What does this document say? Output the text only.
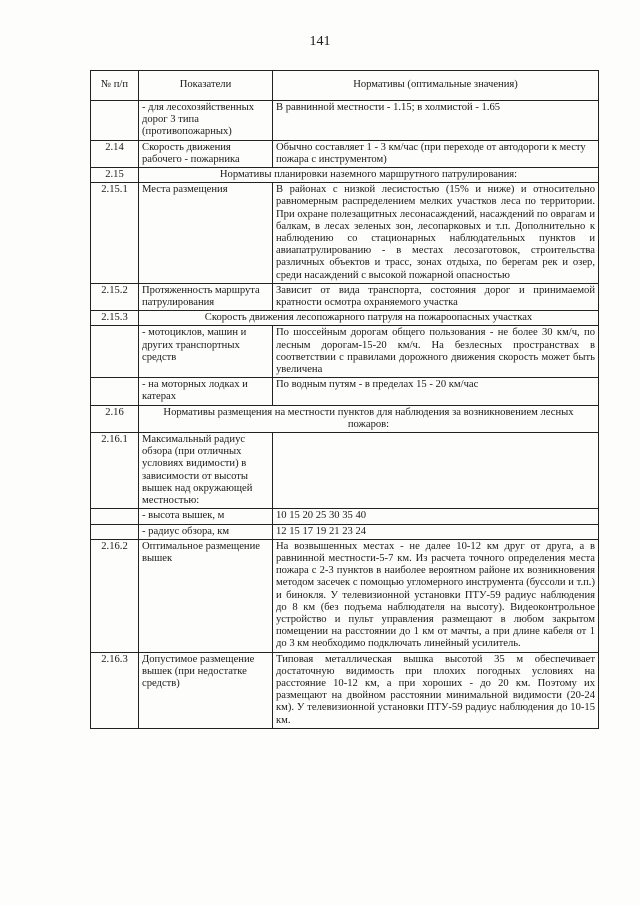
141
№ п/п	Показатели	Нормативы (оптимальные значения)
	- для лесохозяйственных дорог 3 типа (противопожарных)	В равнинной местности - 1.15; в холмистой - 1.65
2.14	Скорость движения рабочего - пожарника	Обычно составляет 1 - 3 км/час (при переходе от автодороги к месту пожара с инструментом)
2.15	Нормативы планировки наземного маршрутного патрулирования:	
2.15.1	Места размещения	В районах с низкой лесистостью (15% и ниже) и относительно равномерным распределением мелких участков леса по территории. При охране полезащитных лесонасаждений, насаждений по оврагам и балкам, в лесах зеленых зон, лесопарковых и т.п. Дополнительно к наблюдению со стационарных наблюдательных пунктов и авиапатрулированию - в местах лесозаготовок, строительства различных объектов и трасс, зонах отдыха, по берегам рек и озер, среди насаждений с высокой пожарной опасностью
2.15.2	Протяженность маршрута патрулирования	Зависит от вида транспорта, состояния дорог и принимаемой кратности осмотра охраняемого участка
2.15.3	Скорость движения лесопожарного патруля на пожароопасных участках	
	- мотоциклов, машин и других транспортных средств	По шоссейным дорогам общего пользования - не более 30 км/ч, по лесным дорогам-15-20 км/ч. На безлесных пространствах в соответствии с правилами дорожного движения скорость может быть увеличена
	- на моторных лодках и катерах	По водным путям - в пределах 15 - 20 км/час
2.16	Нормативы размещения на местности пунктов для наблюдения за возникновением лесных пожаров:	
2.16.1	Максимальный радиус обзора (при отличных условиях видимости) в зависимости от высоты вышек над окружающей местностью:	
	- высота вышек, м	10 15 20 25 30 35 40
	- радиус обзора, км	12 15 17 19 21 23 24
2.16.2	Оптимальное размещение вышек	На возвышенных местах - не далее 10-12 км друг от друга, а в равнинной местности-5-7 км. Из расчета точного определения места пожара с 2-3 пунктов в наиболее вероятном районе их возникновения методом засечек с помощью угломерного инструмента (буссоли и т.п.) и бинокля. У телевизионной установки ПТУ-59 радиус наблюдения до 8 км (без подъема наблюдателя на высоту). Видеоконтрольное устройство и пульт управления размещают в любом закрытом помещении на расстоянии до 1 км от мачты, а при длине кабеля от 1 до 3 км необходимо подключать линейный усилитель.
2.16.3	Допустимое размещение вышек (при недостатке средств)	Типовая металлическая вышка высотой 35 м обеспечивает достаточную видимость при плохих погодных условиях на расстояние 10-12 км, а при хороших - до 20 км. Поэтому их размещают на двойном расстоянии минимальной видимости (20-24 км). У телевизионной установки ПТУ-59 радиус наблюдения до 10-15 км.
